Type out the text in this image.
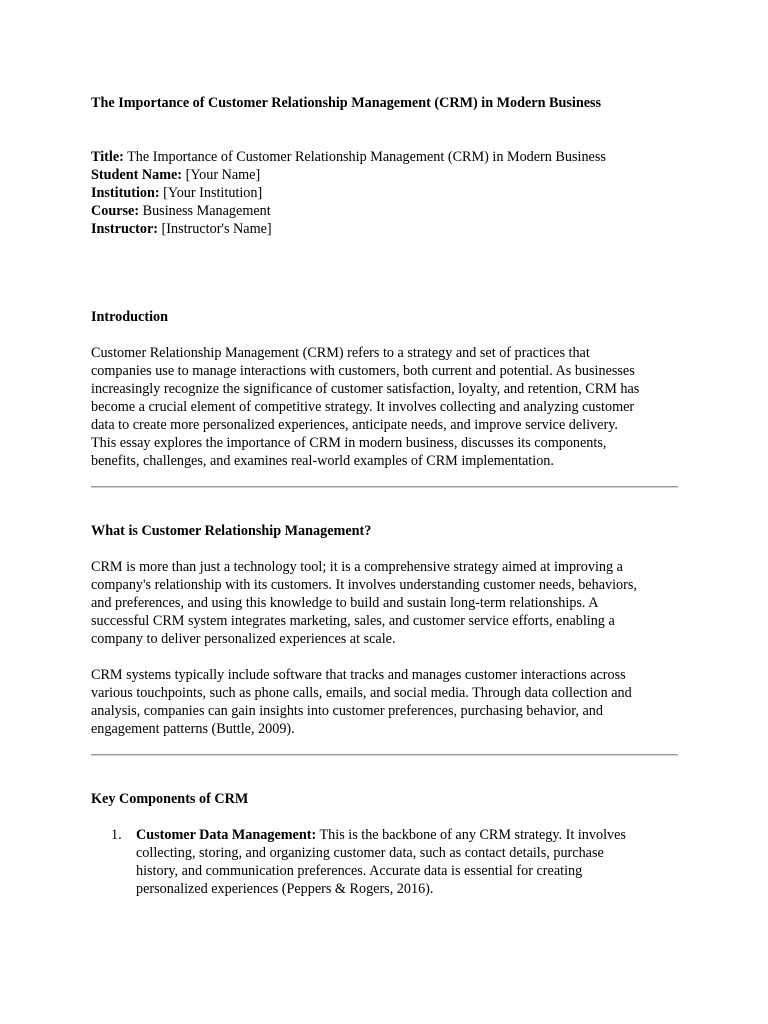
The Importance of Customer Relationship Management (CRM) in Modern Business
Title: The Importance of Customer Relationship Management (CRM) in Modern Business
Student Name: [Your Name]
Institution: [Your Institution]
Course: Business Management
Instructor: [Instructor's Name]
Introduction
Customer Relationship Management (CRM) refers to a strategy and set of practices that
companies use to manage interactions with customers, both current and potential. As businesses
increasingly recognize the significance of customer satisfaction, loyalty, and retention, CRM has
become a crucial element of competitive strategy. It involves collecting and analyzing customer
data to create more personalized experiences, anticipate needs, and improve service delivery.
This essay explores the importance of CRM in modern business, discusses its components,
benefits, challenges, and examines real-world examples of CRM implementation.
What is Customer Relationship Management?
CRM is more than just a technology tool; it is a comprehensive strategy aimed at improving a
company's relationship with its customers. It involves understanding customer needs, behaviors,
and preferences, and using this knowledge to build and sustain long-term relationships. A
successful CRM system integrates marketing, sales, and customer service efforts, enabling a
company to deliver personalized experiences at scale.
CRM systems typically include software that tracks and manages customer interactions across
various touchpoints, such as phone calls, emails, and social media. Through data collection and
analysis, companies can gain insights into customer preferences, purchasing behavior, and
engagement patterns (Buttle, 2009).
Key Components of CRM
1. Customer Data Management: This is the backbone of any CRM strategy. It involves
collecting, storing, and organizing customer data, such as contact details, purchase
history, and communication preferences. Accurate data is essential for creating
personalized experiences (Peppers & Rogers, 2016).
